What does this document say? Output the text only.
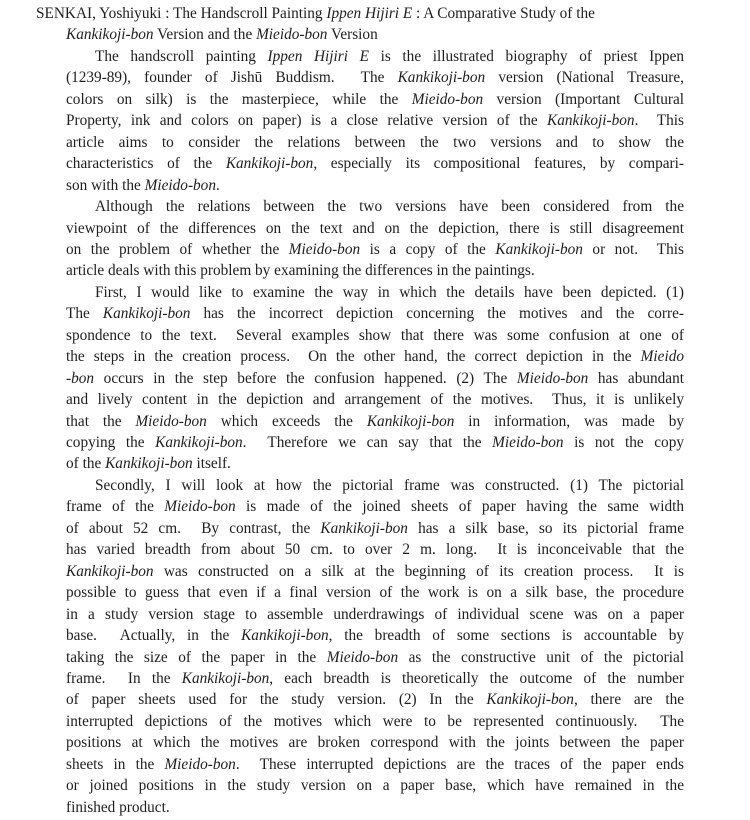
SENKAI, Yoshiyuki : The Handscroll Painting Ippen Hijiri E : A Comparative Study of the
Kankikoji-bon Version and the Mieido-bon Version
The handscroll painting Ippen Hijiri E is the illustrated biography of priest Ippen
(1239-89), founder of Jishū Buddism.  The Kankikoji-bon version (National Treasure,
colors on silk) is the masterpiece, while the Mieido-bon version (Important Cultural
Property, ink and colors on paper) is a close relative version of the Kankikoji-bon.  This
article aims to consider the relations between the two versions and to show the
characteristics of the Kankikoji-bon, especially its compositional features, by compari-
son with the Mieido-bon.
Although the relations between the two versions have been considered from the
viewpoint of the differences on the text and on the depiction, there is still disagreement
on the problem of whether the Mieido-bon is a copy of the Kankikoji-bon or not.  This
article deals with this problem by examining the differences in the paintings.
First, I would like to examine the way in which the details have been depicted. (1)
The Kankikoji-bon has the incorrect depiction concerning the motives and the corre-
spondence to the text.  Several examples show that there was some confusion at one of
the steps in the creation process.  On the other hand, the correct depiction in the Mieido
-bon occurs in the step before the confusion happened. (2) The Mieido-bon has abundant
and lively content in the depiction and arrangement of the motives.  Thus, it is unlikely
that the Mieido-bon which exceeds the Kankikoji-bon in information, was made by
copying the Kankikoji-bon.  Therefore we can say that the Mieido-bon is not the copy
of the Kankikoji-bon itself.
Secondly, I will look at how the pictorial frame was constructed. (1) The pictorial
frame of the Mieido-bon is made of the joined sheets of paper having the same width
of about 52 cm.  By contrast, the Kankikoji-bon has a silk base, so its pictorial frame
has varied breadth from about 50 cm. to over 2 m. long.  It is inconceivable that the
Kankikoji-bon was constructed on a silk at the beginning of its creation process.  It is
possible to guess that even if a final version of the work is on a silk base, the procedure
in a study version stage to assemble underdrawings of individual scene was on a paper
base.  Actually, in the Kankikoji-bon, the breadth of some sections is accountable by
taking the size of the paper in the Mieido-bon as the constructive unit of the pictorial
frame.  In the Kankikoji-bon, each breadth is theoretically the outcome of the number
of paper sheets used for the study version. (2) In the Kankikoji-bon, there are the
interrupted depictions of the motives which were to be represented continuously.  The
positions at which the motives are broken correspond with the joints between the paper
sheets in the Mieido-bon.  These interrupted depictions are the traces of the paper ends
or joined positions in the study version on a paper base, which have remained in the
finished product.
